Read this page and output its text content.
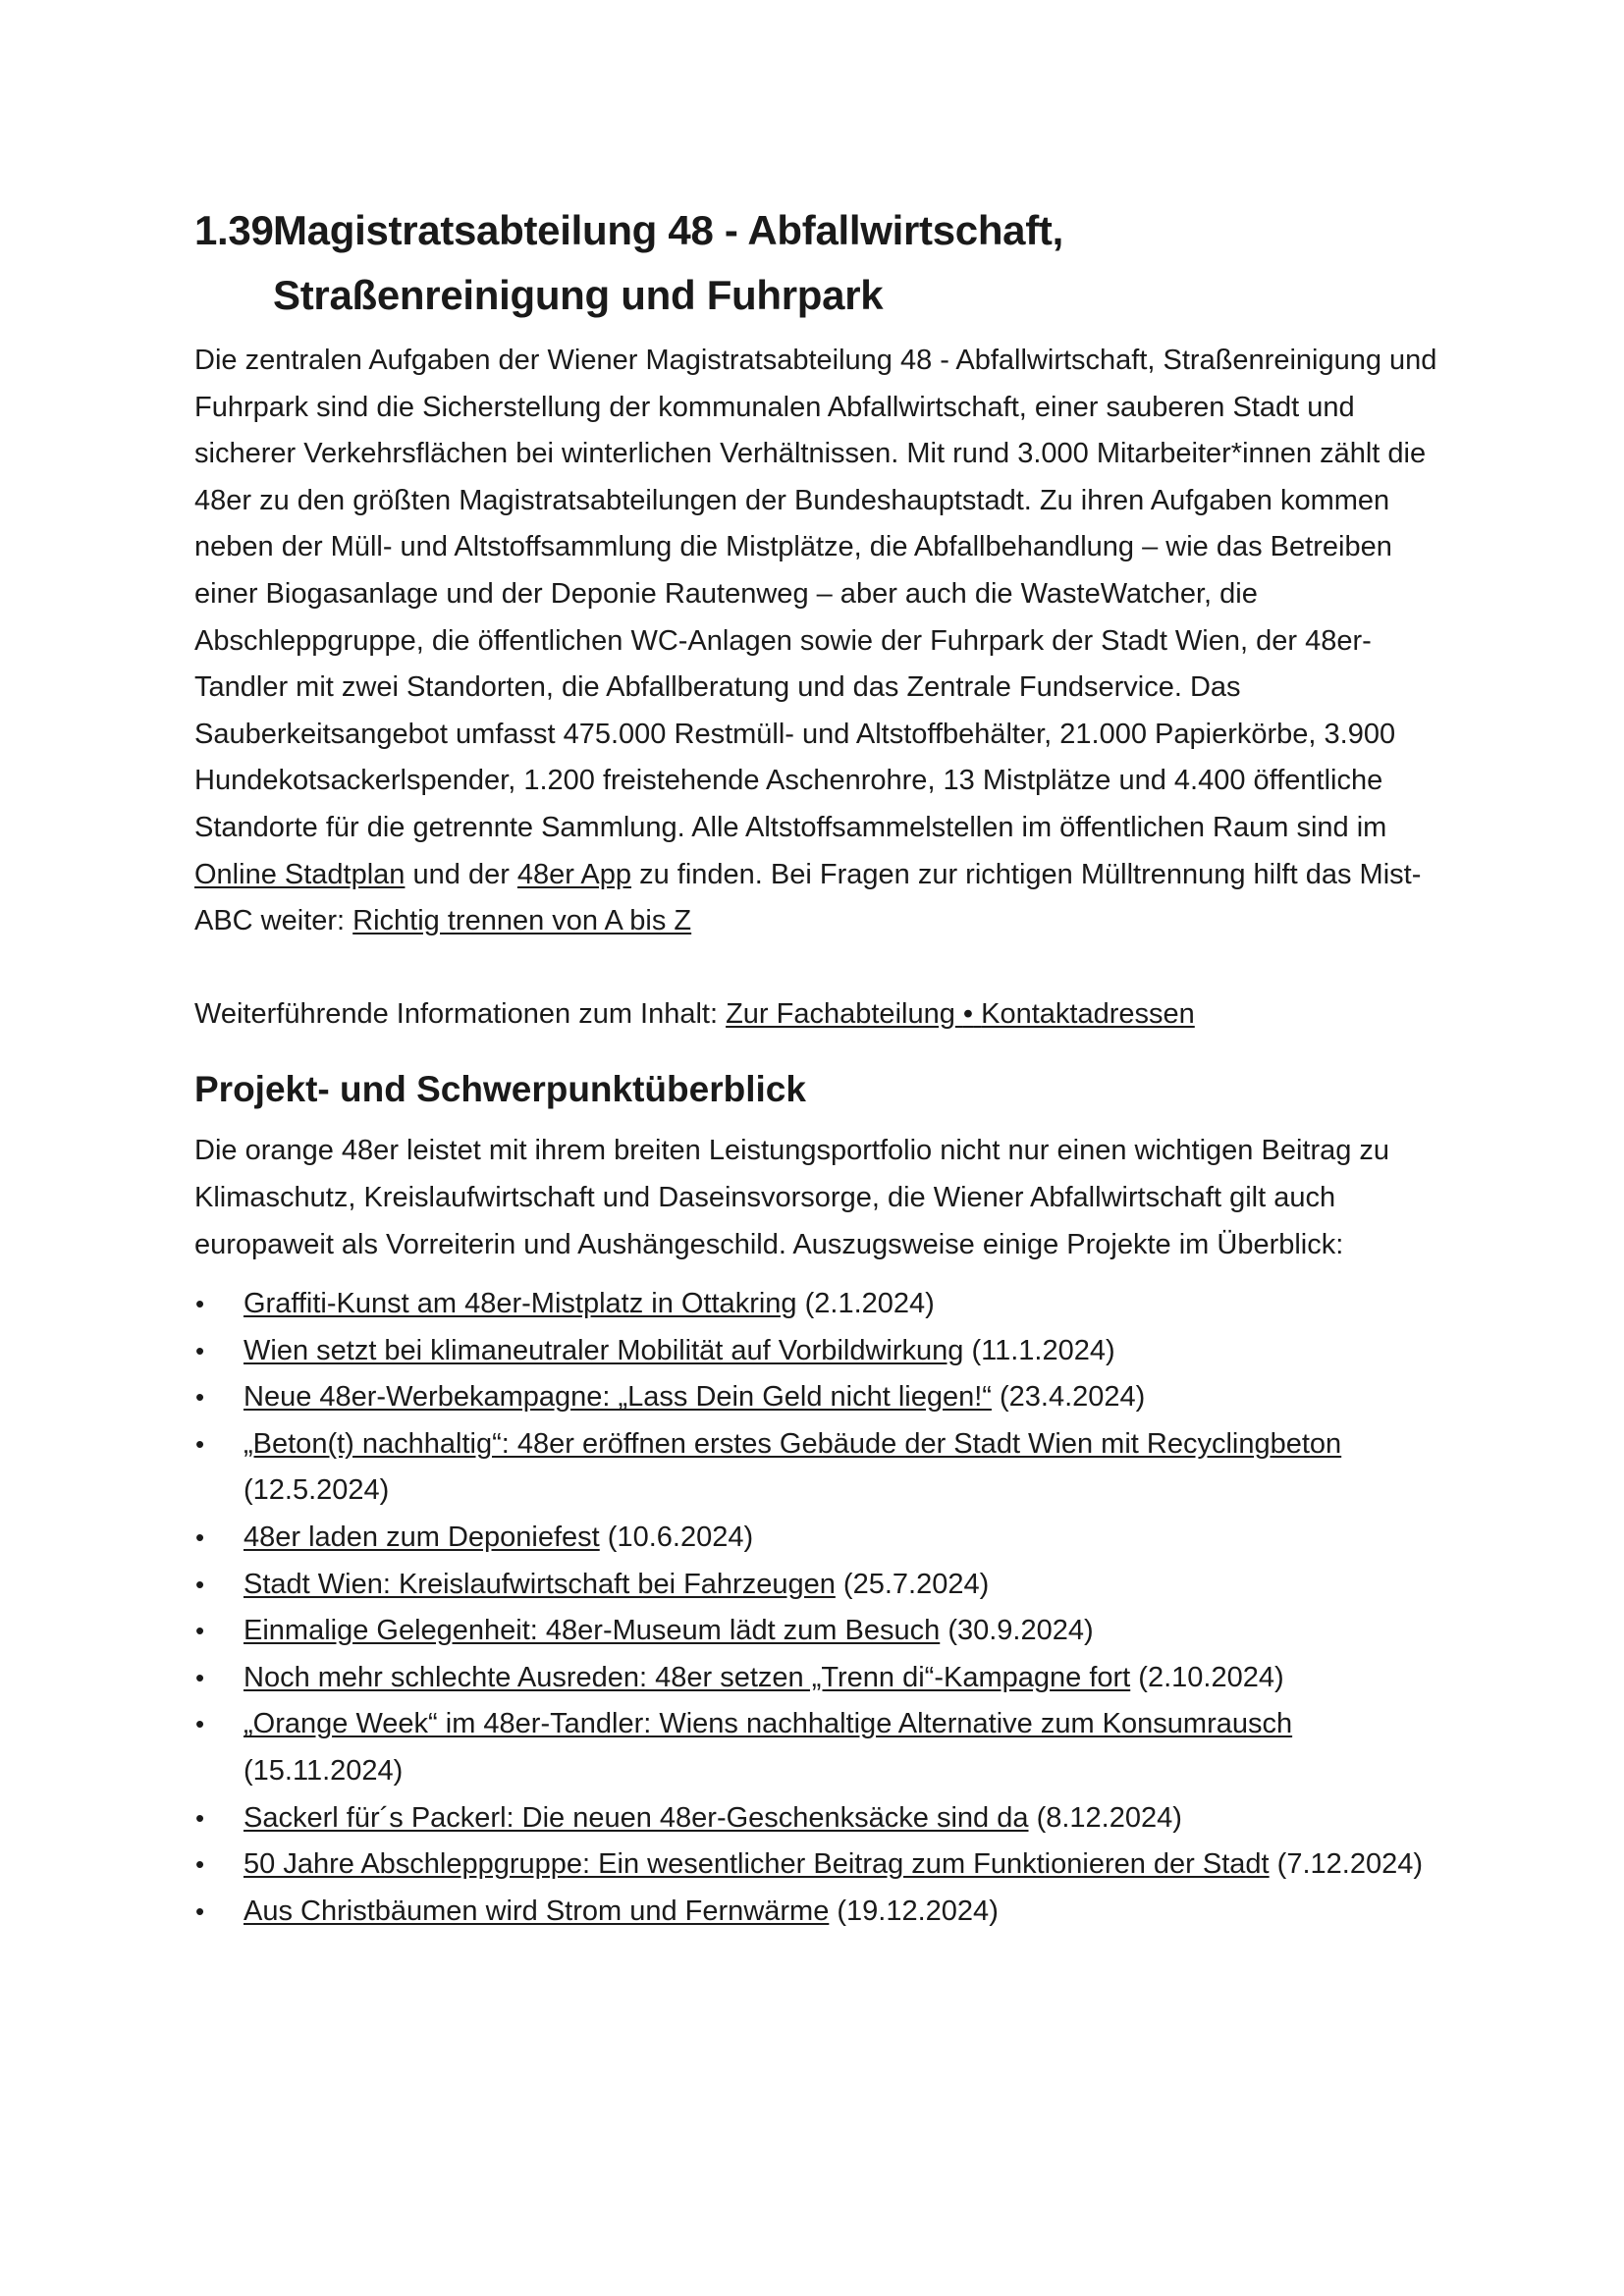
1.39Magistratsabteilung 48 - Abfallwirtschaft,
Straßenreinigung und Fuhrpark

Die zentralen Aufgaben der Wiener Magistratsabteilung 48 - Abfallwirtschaft, Straßenreinigung und Fuhrpark sind die Sicherstellung der kommunalen Abfallwirtschaft, einer sauberen Stadt und sicherer Verkehrsflächen bei winterlichen Verhältnissen. Mit rund 3.000 Mitarbeiter*innen zählt die 48er zu den größten Magistratsabteilungen der Bundeshauptstadt. Zu ihren Aufgaben kommen neben der Müll- und Altstoffsammlung die Mistplätze, die Abfallbehandlung – wie das Betreiben einer Biogasanlage und der Deponie Rautenweg – aber auch die WasteWatcher, die Abschleppgruppe, die öffentlichen WC-Anlagen sowie der Fuhrpark der Stadt Wien, der 48er-Tandler mit zwei Standorten, die Abfallberatung und das Zentrale Fundservice. Das Sauberkeitsangebot umfasst 475.000 Restmüll- und Altstoffbehälter, 21.000 Papierkörbe, 3.900 Hundekotsackerlspender, 1.200 freistehende Aschenrohre, 13 Mistplätze und 4.400 öffentliche Standorte für die getrennte Sammlung. Alle Altstoffsammelstellen im öffentlichen Raum sind im Online Stadtplan und der 48er App zu finden. Bei Fragen zur richtigen Mülltrennung hilft das Mist-ABC weiter: Richtig trennen von A bis Z

Weiterführende Informationen zum Inhalt: Zur Fachabteilung • Kontaktadressen

Projekt- und Schwerpunktüberblick

Die orange 48er leistet mit ihrem breiten Leistungsportfolio nicht nur einen wichtigen Beitrag zu Klimaschutz, Kreislaufwirtschaft und Daseinsvorsorge, die Wiener Abfallwirtschaft gilt auch europaweit als Vorreiterin und Aushängeschild. Auszugsweise einige Projekte im Überblick:

•	Graffiti-Kunst am 48er-Mistplatz in Ottakring (2.1.2024)
•	Wien setzt bei klimaneutraler Mobilität auf Vorbildwirkung (11.1.2024)
•	Neue 48er-Werbekampagne: „Lass Dein Geld nicht liegen!“ (23.4.2024)
•	„Beton(t) nachhaltig“: 48er eröffnen erstes Gebäude der Stadt Wien mit Recyclingbeton (12.5.2024)
•	48er laden zum Deponiefest (10.6.2024)
•	Stadt Wien: Kreislaufwirtschaft bei Fahrzeugen (25.7.2024)
•	Einmalige Gelegenheit: 48er-Museum lädt zum Besuch (30.9.2024)
•	Noch mehr schlechte Ausreden: 48er setzen „Trenn di“-Kampagne fort (2.10.2024)
•	„Orange Week“ im 48er-Tandler: Wiens nachhaltige Alternative zum Konsumrausch (15.11.2024)
•	Sackerl für´s Packerl: Die neuen 48er-Geschenksäcke sind da (8.12.2024)
•	50 Jahre Abschleppgruppe: Ein wesentlicher Beitrag zum Funktionieren der Stadt (7.12.2024)
•	Aus Christbäumen wird Strom und Fernwärme (19.12.2024)
